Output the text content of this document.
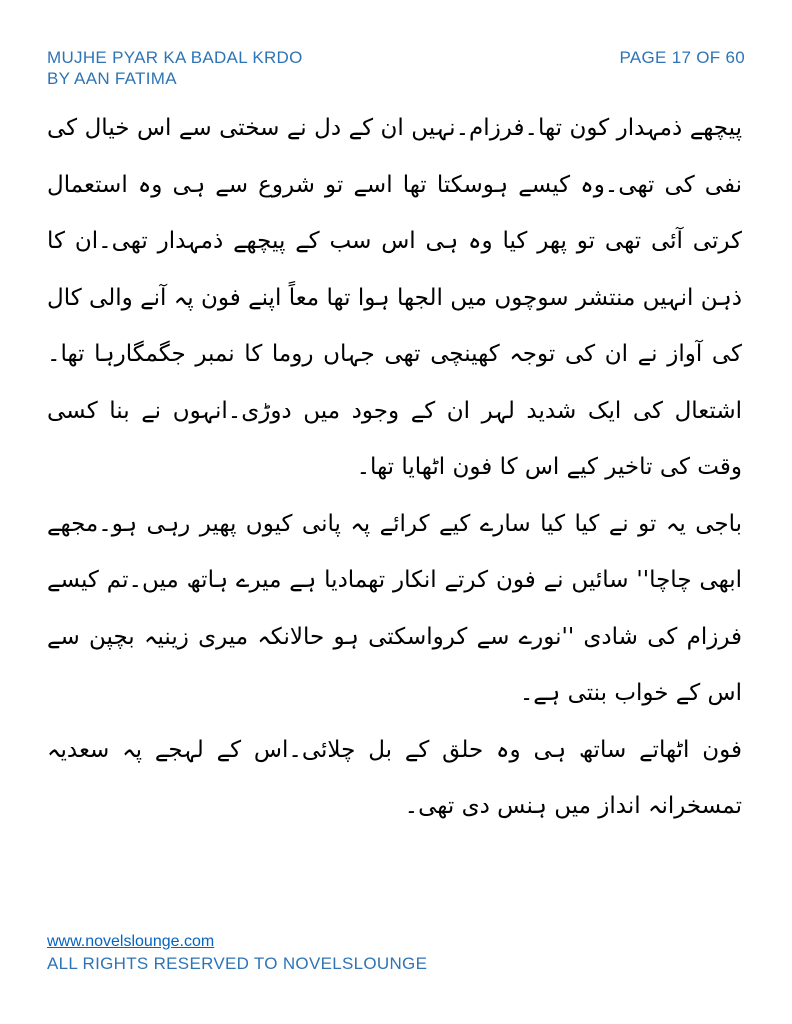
MUJHE PYAR KA BADAL KRDO
BY AAN FATIMA
PAGE 17 OF 60

پیچھے ذمہدار کون تھا۔فرزام۔نہیں ان کے دل نے سختی سے اس خیال کی نفی کی تھی۔وہ کیسے ہوسکتا تھا اسے تو شروع سے ہی وہ استعمال کرتی آئی تھی تو پھر کیا وہ ہی اس سب کے پیچھے ذمہدار تھی۔ان کا ذہن انہیں منتشر سوچوں میں الجھا ہوا تھا معاً اپنے فون پہ آنے والی کال کی آواز نے ان کی توجہ کھینچی تھی جہاں روما کا نمبر جگمگارہا تھا۔اشتعال کی ایک شدید لہر ان کے وجود میں دوڑی۔انہوں نے بنا کسی وقت کی تاخیر کیے اس کا فون اٹھایا تھا۔

باجی یہ تو نے کیا کیا سارے کیے کرائے پہ پانی کیوں پھیر رہی ہو۔مجھے ابھی چاچا'' سائیں نے فون کرتے انکار تھمادیا ہے میرے ہاتھ میں۔تم کیسے فرزام کی شادی ''نورے سے کرواسکتی ہو حالانکہ میری زینیہ بچپن سے اس کے خواب بنتی ہے۔

فون اٹھاتے ساتھ ہی وہ حلق کے بل چلائی۔اس کے لہجے پہ سعدیہ تمسخرانہ انداز میں ہنس دی تھی۔

www.novelslounge.com
ALL RIGHTS RESERVED TO NOVELSLOUNGE
